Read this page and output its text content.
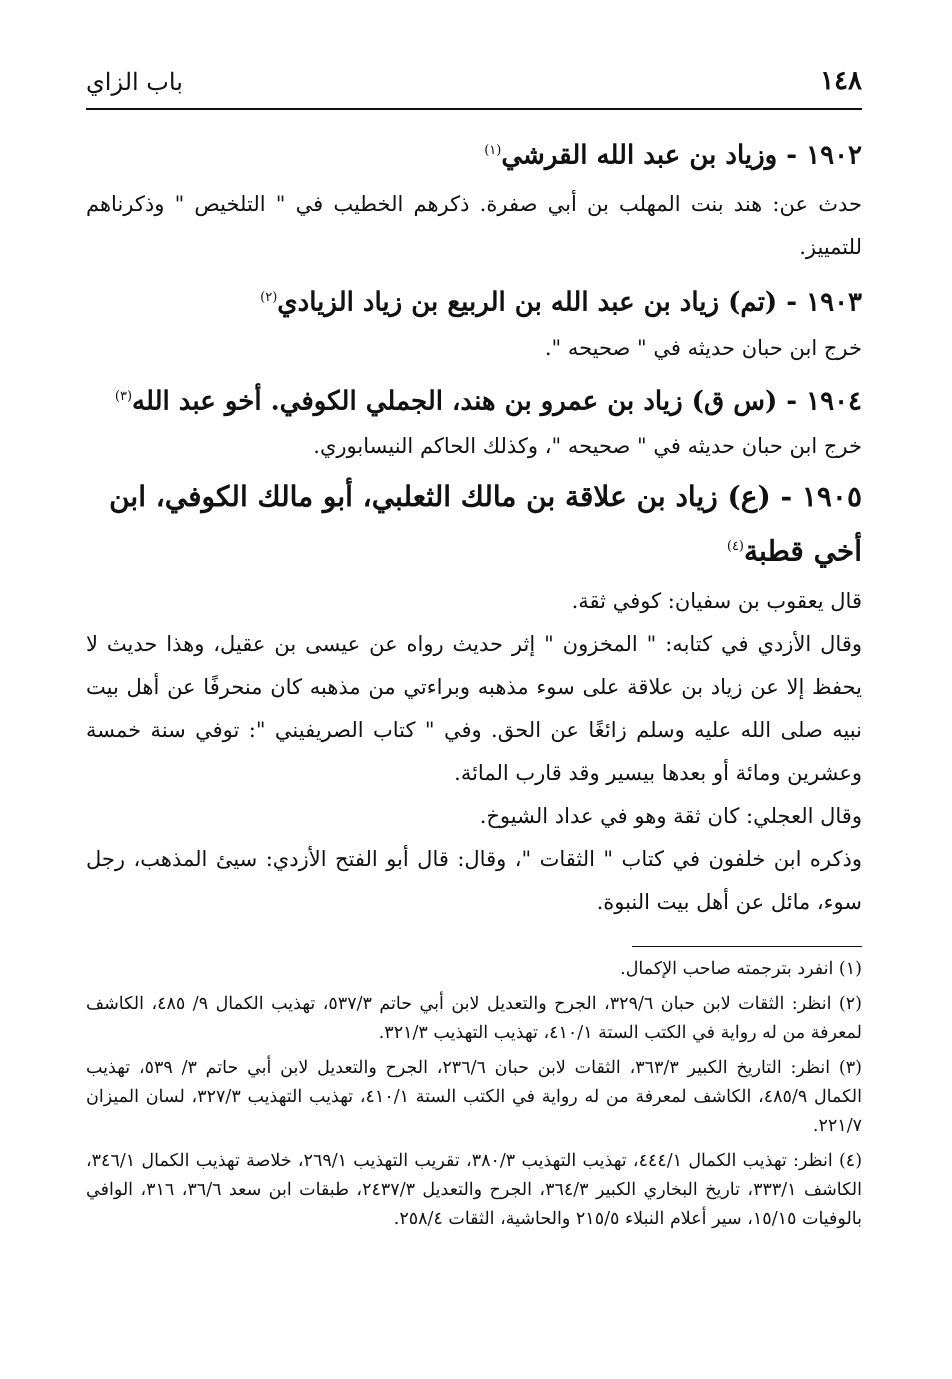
١٤٨
باب الزاي
١٩٠٢ - وزياد بن عبد الله القرشي$^{(١)}$

حدث عن: هند بنت المهلب بن أبي صفرة. ذكرهم الخطيب في " التلخيص " وذكرناهم للتمييز.

١٩٠٣ - (تم) زياد بن عبد الله بن الربيع بن زياد الزيادي$^{(٢)}$

خرج ابن حبان حديثه في " صحيحه ".

١٩٠٤ - (س ق) زياد بن عمرو بن هند، الجملي الكوفي. أخو عبد الله$^{(٣)}$

خرج ابن حبان حديثه في " صحيحه "، وكذلك الحاكم النيسابوري.

١٩٠٥ - (ع) زياد بن علاقة بن مالك الثعلبي، أبو مالك الكوفي، ابن أخي قطبة$^{(٤)}$

قال يعقوب بن سفيان: كوفي ثقة.

وقال الأزدي في كتابه: " المخزون " إثر حديث رواه عن عيسى بن عقيل، وهذا حديث لا يحفظ إلا عن زياد بن علاقة على سوء مذهبه وبراءتي من مذهبه كان منحرفًا عن أهل بيت نبيه صلى الله عليه وسلم زائغًا عن الحق. وفي " كتاب الصريفيني ": توفي سنة خمسة وعشرين ومائة أو بعدها بيسير وقد قارب المائة.

وقال العجلي: كان ثقة وهو في عداد الشيوخ.

وذكره ابن خلفون في كتاب " الثقات "، وقال: قال أبو الفتح الأزدي: سيئ المذهب، رجل سوء، مائل عن أهل بيت النبوة.

(١) انفرد بترجمته صاحب الإكمال.

(٢) انظر: الثقات لابن حبان ٣٢٩/٦، الجرح والتعديل لابن أبي حاتم ٥٣٧/٣، تهذيب الكمال ٩/ ٤٨٥، الكاشف لمعرفة من له رواية في الكتب الستة ٤١٠/١، تهذيب التهذيب ٣٢١/٣.

(٣) انظر: التاريخ الكبير ٣٦٣/٣، الثقات لابن حبان ٢٣٦/٦، الجرح والتعديل لابن أبي حاتم ٣/ ٥٣٩، تهذيب الكمال ٤٨٥/٩، الكاشف لمعرفة من له رواية في الكتب الستة ٤١٠/١، تهذيب التهذيب ٣٢٧/٣، لسان الميزان ٢٢١/٧.

(٤) انظر: تهذيب الكمال ٤٤٤/١، تهذيب التهذيب ٣٨٠/٣، تقريب التهذيب ٢٦٩/١، خلاصة تهذيب الكمال ٣٤٦/١، الكاشف ٣٣٣/١، تاريخ البخاري الكبير ٣٦٤/٣، الجرح والتعديل ٢٤٣٧/٣، طبقات ابن سعد ٣٦/٦، ٣١٦، الوافي بالوفيات ١٥/١٥، سير أعلام النبلاء ٢١٥/٥ والحاشية، الثقات ٢٥٨/٤.
